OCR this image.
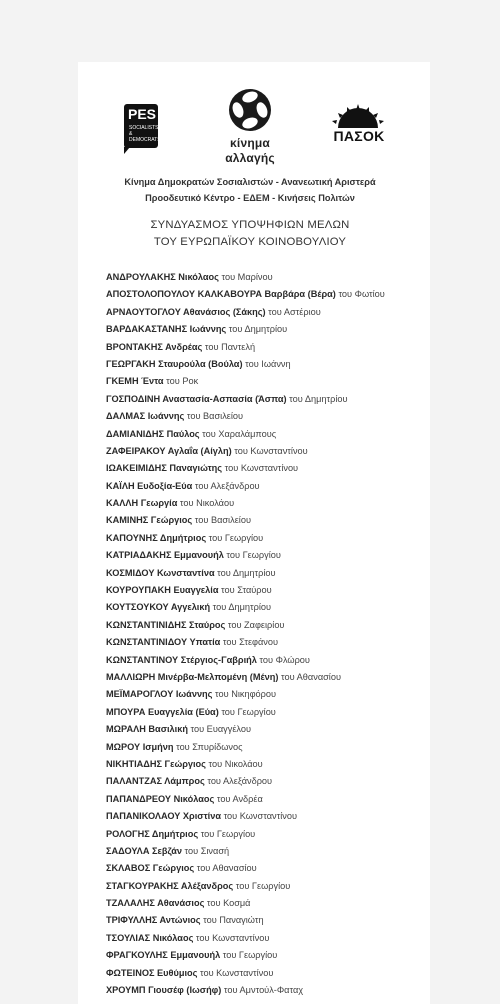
PES
SOCIALISTS &
DEMOCRATS	κίνημα
αλλαγής
ΠΑΣΟΚ
Κίνημα Δημοκρατών Σοσιαλιστών - Ανανεωτική Αριστερά
Προοδευτικό Κέντρο - ΕΔΕΜ - Κινήσεις Πολιτών
ΣΥΝΔΥΑΣΜΟΣ ΥΠΟΨΗΦΙΩΝ ΜΕΛΩΝ
ΤΟΥ ΕΥΡΩΠΑΪΚΟΥ ΚΟΙΝΟΒΟΥΛΙΟΥ
ΑΝΔΡΟΥΛΑΚΗΣ Νικόλαος του Μαρίνου
ΑΠΟΣΤΟΛΟΠΟΥΛΟΥ ΚΑΛΚΑΒΟΥΡΑ Βαρβάρα (Βέρα) του Φωτίου
ΑΡΝΑΟΥΤΟΓΛΟΥ Αθανάσιος (Σάκης) του Αστέριου
ΒΑΡΔΑΚΑΣΤΑΝΗΣ Ιωάννης του Δημητρίου
ΒΡΟΝΤΑΚΗΣ Ανδρέας του Παντελή
ΓΕΩΡΓΑΚΗ Σταυρούλα (Βούλα) του Ιωάννη
ΓΚΕΜΗ Έντα του Ροκ
ΓΟΣΠΟΔΙΝΗ Αναστασία-Ασπασία (Άσπα) του Δημητρίου
ΔΑΛΜΑΣ Ιωάννης του Βασιλείου
ΔΑΜΙΑΝΙΔΗΣ Παύλος του Χαραλάμπους
ΖΑΦΕΙΡΑΚΟΥ Αγλαΐα (Αίγλη) του Κωνσταντίνου
ΙΩΑΚΕΙΜΙΔΗΣ Παναγιώτης του Κωνσταντίνου
ΚΑΪΛΗ Ευδοξία-Εύα του Αλεξάνδρου
ΚΑΛΛΗ Γεωργία του Νικολάου
ΚΑΜΙΝΗΣ Γεώργιος του Βασιλείου
ΚΑΠΟΥΝΗΣ Δημήτριος του Γεωργίου
ΚΑΤΡΙΑΔΑΚΗΣ Εμμανουήλ του Γεωργίου
ΚΟΣΜΙΔΟΥ Κωνσταντίνα του Δημητρίου
ΚΟΥΡΟΥΠΑΚΗ Ευαγγελία του Σταύρου
ΚΟΥΤΣΟΥΚΟΥ Αγγελική του Δημητρίου
ΚΩΝΣΤΑΝΤΙΝΙΔΗΣ Σταύρος του Ζαφειρίου
ΚΩΝΣΤΑΝΤΙΝΙΔΟΥ Υπατία του Στεφάνου
ΚΩΝΣΤΑΝΤΙΝΟΥ Στέργιος-Γαβριήλ του Φλώρου
ΜΑΛΛΙΩΡΗ Μινέρβα-Μελπομένη (Μένη) του Αθανασίου
ΜΕΪΜΑΡΟΓΛΟΥ Ιωάννης του Νικηφόρου
ΜΠΟΥΡΑ Ευαγγελία (Εύα) του Γεωργίου
ΜΩΡΑΛΗ Βασιλική του Ευαγγέλου
ΜΩΡΟΥ Ισμήνη του Σπυρίδωνος
ΝΙΚΗΤΙΑΔΗΣ Γεώργιος του Νικολάου
ΠΑΛΑΝΤΖΑΣ Λάμπρος του Αλεξάνδρου
ΠΑΠΑΝΔΡΕΟΥ Νικόλαος του Ανδρέα
ΠΑΠΑΝΙΚΟΛΑΟΥ Χριστίνα του Κωνσταντίνου
ΡΟΛΟΓΗΣ Δημήτριος του Γεωργίου
ΣΑΔΟΥΛΑ Σεβζάν του Σινασή
ΣΚΛΑΒΟΣ Γεώργιος του Αθανασίου
ΣΤΑΓΚΟΥΡΑΚΗΣ Αλέξανδρος του Γεωργίου
ΤΖΑΛΑΛΗΣ Αθανάσιος του Κοσμά
ΤΡΙΦΥΛΛΗΣ Αντώνιος του Παναγιώτη
ΤΣΟΥΛΙΑΣ Νικόλαος του Κωνσταντίνου
ΦΡΑΓΚΟΥΛΗΣ Εμμανουήλ του Γεωργίου
ΦΩΤΕΙΝΟΣ Ευθύμιος του Κωνσταντίνου
ΧΡΟΥΜΠ Γιουσέφ (Ιωσήφ) του Αμντούλ-Φαταχ
